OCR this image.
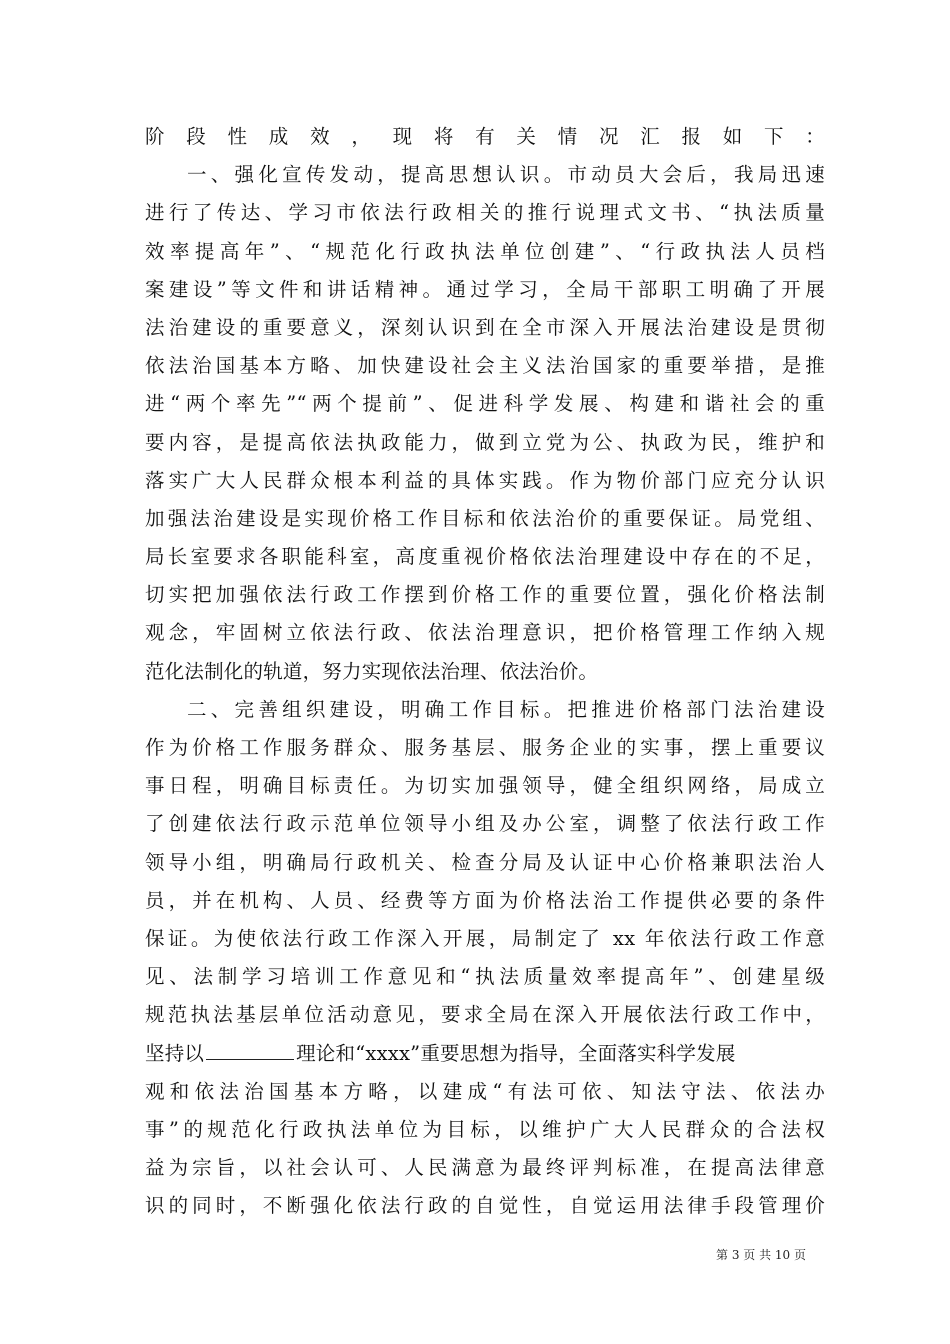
阶段性成效，现将有关情况汇报如下：
一、强化宣传发动，提高思想认识。市动员大会后，我局迅速
进行了传达、学习市依法行政相关的推行说理式文书、“执法质量
效率提高年”、“规范化行政执法单位创建”、“行政执法人员档
案建设”等文件和讲话精神。通过学习，全局干部职工明确了开展
法治建设的重要意义，深刻认识到在全市深入开展法治建设是贯彻
依法治国基本方略、加快建设社会主义法治国家的重要举措，是推
进“两个率先”“两个提前”、促进科学发展、构建和谐社会的重
要内容，是提高依法执政能力，做到立党为公、执政为民，维护和
落实广大人民群众根本利益的具体实践。作为物价部门应充分认识
加强法治建设是实现价格工作目标和依法治价的重要保证。局党组、
局长室要求各职能科室，高度重视价格依法治理建设中存在的不足，
切实把加强依法行政工作摆到价格工作的重要位置，强化价格法制
观念，牢固树立依法行政、依法治理意识，把价格管理工作纳入规
范化法制化的轨道，努力实现依法治理、依法治价。
二、完善组织建设，明确工作目标。把推进价格部门法治建设
作为价格工作服务群众、服务基层、服务企业的实事，摆上重要议
事日程，明确目标责任。为切实加强领导，健全组织网络，局成立
了创建依法行政示范单位领导小组及办公室，调整了依法行政工作
领导小组，明确局行政机关、检查分局及认证中心价格兼职法治人
员，并在机构、人员、经费等方面为价格法治工作提供必要的条件
保证。为使依法行政工作深入开展，局制定了 xx 年依法行政工作意
见、法制学习培训工作意见和“执法质量效率提高年”、创建星级
规范执法基层单位活动意见，要求全局在深入开展依法行政工作中，
坚持以	理论和“xxxx”重要思想为指导，全面落实科学发展
观和依法治国基本方略，以建成“有法可依、知法守法、依法办
事”的规范化行政执法单位为目标，以维护广大人民群众的合法权
益为宗旨，以社会认可、人民满意为最终评判标准，在提高法律意
识的同时，不断强化依法行政的自觉性，自觉运用法律手段管理价
第 3 页 共 10 页
